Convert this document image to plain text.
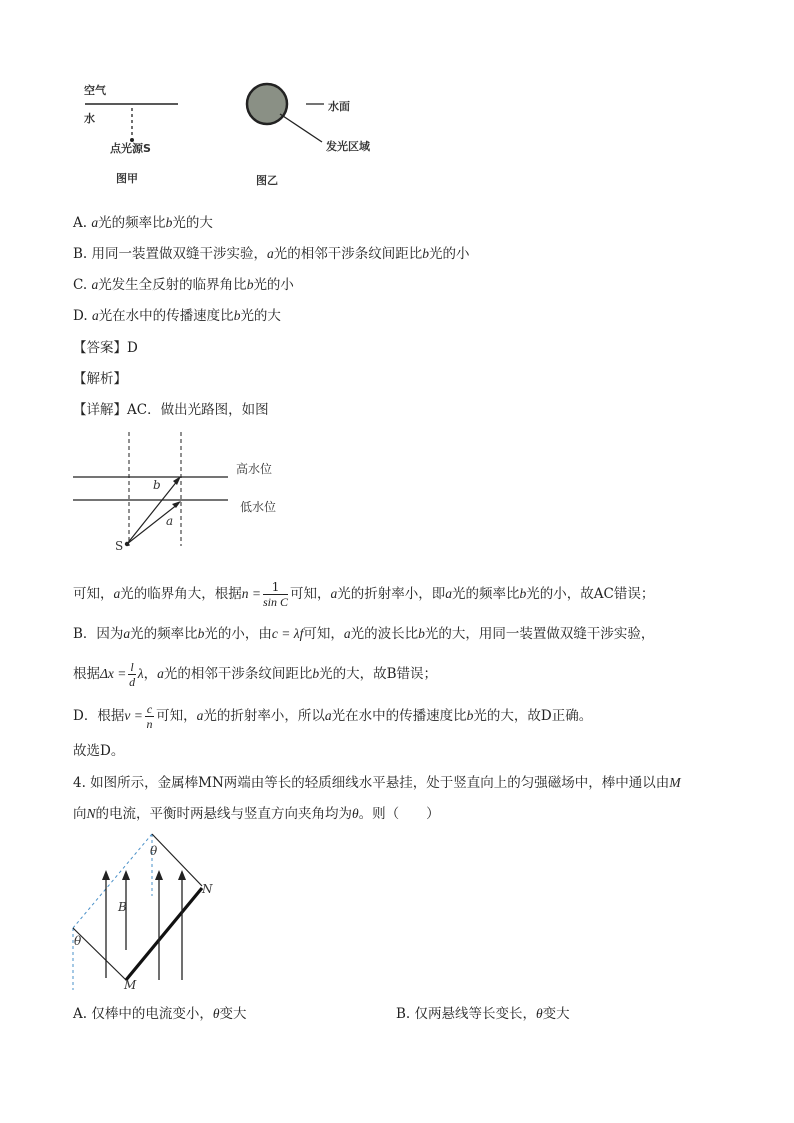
空气
水
点光源S
图甲
水面
发光区域
图乙
A. a光的频率比b光的大
B. 用同一装置做双缝干涉实验，a光的相邻干涉条纹间距比b光的小
C. a光发生全反射的临界角比b光的小
D. a光在水中的传播速度比b光的大
【答案】D
【解析】
【详解】AC．做出光路图，如图
高水位
低水位
b
a
S
可知，a光的临界角大，根据$n = \frac{1}{\text{sin C}}$ 可知，a光的折射率小，即a光的频率比b光的小，故AC错误；
B．因为a光的频率比b光的小，由c = λf可知，a光的波长比b光的大，用同一装置做双缝干涉实验，
根据$\Delta x = \frac{l}{d}$ λ，a光的相邻干涉条纹间距比b光的大，故B错误；
D．根据$v = \frac{c}{n}$ 可知，a光的折射率小，所以a光在水中的传播速度比b光的大，故D正确。
故选D。
4. 如图所示，金属棒MN两端由等长的轻质细线水平悬挂，处于竖直向上的匀强磁场中，棒中通以由M
向N的电流，平衡时两悬线与竖直方向夹角均为θ。则（　　）
θ
θ
B
N
M
A. 仅棒中的电流变小，θ变大	B. 仅两悬线等长变长，θ变大
